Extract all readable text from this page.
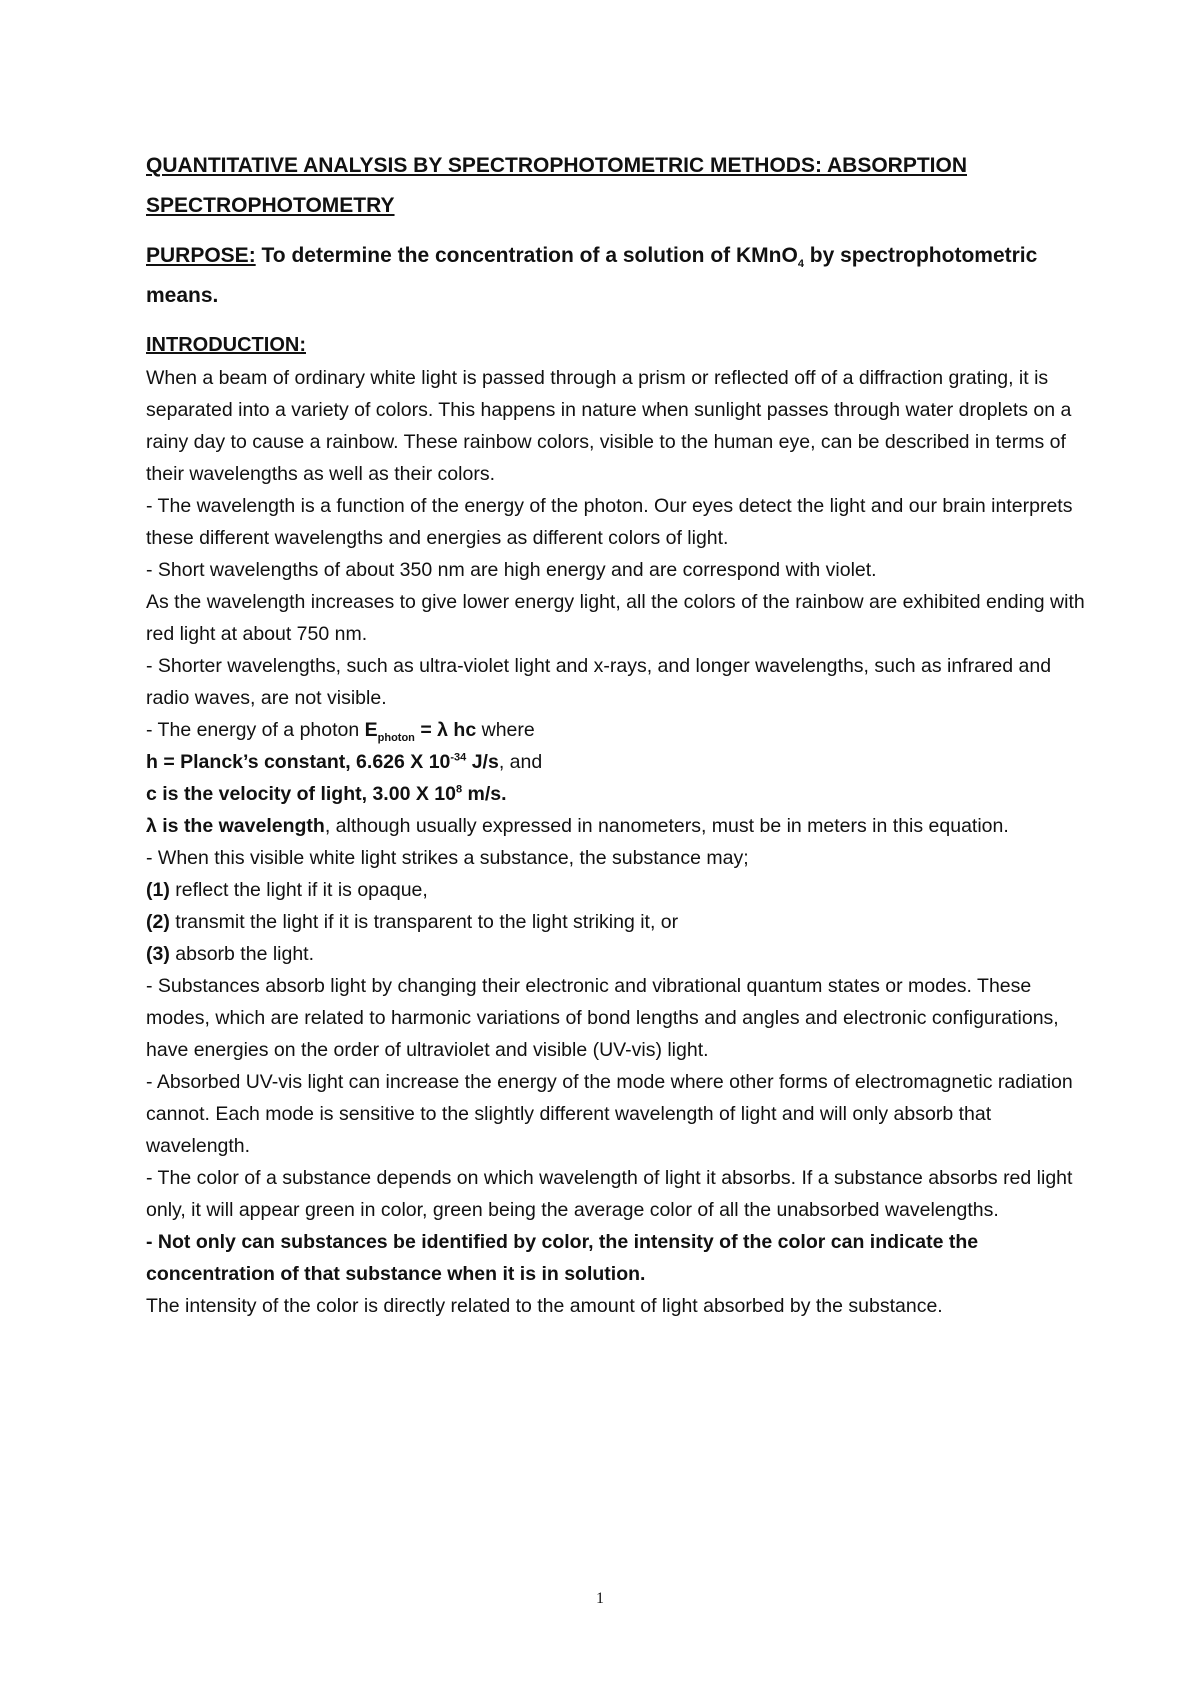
QUANTITATIVE ANALYSIS BY SPECTROPHOTOMETRIC METHODS: ABSORPTION SPECTROPHOTOMETRY

PURPOSE: To determine the concentration of a solution of KMnO$_4$ by spectrophotometric means.

INTRODUCTION:

When a beam of ordinary white light is passed through a prism or reflected off of a diffraction grating, it is separated into a variety of colors. This happens in nature when sunlight passes through water droplets on a rainy day to cause a rainbow. These rainbow colors, visible to the human eye, can be described in terms of their wavelengths as well as their colors.

- The wavelength is a function of the energy of the photon. Our eyes detect the light and our brain interprets these different wavelengths and energies as different colors of light.

- Short wavelengths of about 350 nm are high energy and are correspond with violet.

As the wavelength increases to give lower energy light, all the colors of the rainbow are exhibited ending with red light at about 750 nm.

- Shorter wavelengths, such as ultra-violet light and x-rays, and longer wavelengths, such as infrared and radio waves, are not visible.

- The energy of a photon $E_{photon} = \lambda$ hc where

h = Planck’s constant, 6.626 X $10^{-34}$ J/s, and

c is the velocity of light, 3.00 X $10^8$ m/s.

λ is the wavelength, although usually expressed in nanometers, must be in meters in this equation.

- When this visible white light strikes a substance, the substance may;

(1) reflect the light if it is opaque,

(2) transmit the light if it is transparent to the light striking it, or

(3) absorb the light.

- Substances absorb light by changing their electronic and vibrational quantum states or modes. These modes, which are related to harmonic variations of bond lengths and angles and electronic configurations, have energies on the order of ultraviolet and visible (UV-vis) light.

- Absorbed UV-vis light can increase the energy of the mode where other forms of electromagnetic radiation cannot. Each mode is sensitive to the slightly different wavelength of light and will only absorb that wavelength.

- The color of a substance depends on which wavelength of light it absorbs. If a substance absorbs red light only, it will appear green in color, green being the average color of all the unabsorbed wavelengths.

- Not only can substances be identified by color, the intensity of the color can indicate the concentration of that substance when it is in solution.

The intensity of the color is directly related to the amount of light absorbed by the substance.

1
